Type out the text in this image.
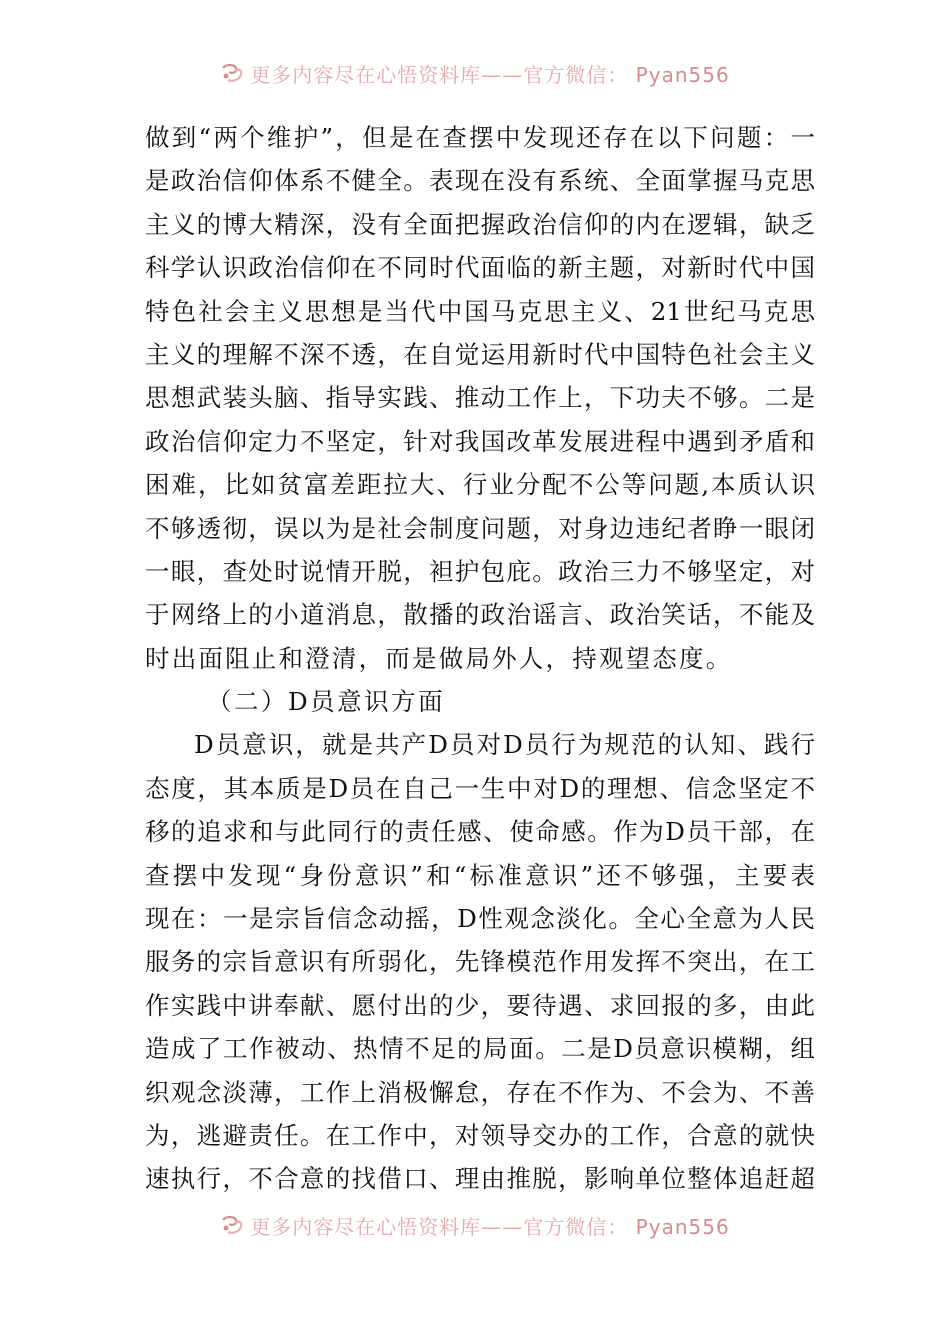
更多内容尽在心悟资料库——官方微信： Pyan556
做到“两个维护”，但是在查摆中发现还存在以下问题：一
是政治信仰体系不健全。表现在没有系统、全面掌握马克思
主义的博大精深，没有全面把握政治信仰的内在逻辑，缺乏
科学认识政治信仰在不同时代面临的新主题，对新时代中国
特色社会主义思想是当代中国马克思主义、21世纪马克思
主义的理解不深不透，在自觉运用新时代中国特色社会主义
思想武装头脑、指导实践、推动工作上，下功夫不够。二是
政治信仰定力不坚定，针对我国改革发展进程中遇到矛盾和
困难，比如贫富差距拉大、行业分配不公等问题,本质认识
不够透彻，误以为是社会制度问题，对身边违纪者睁一眼闭
一眼，查处时说情开脱，袒护包庇。政治三力不够坚定，对
于网络上的小道消息，散播的政治谣言、政治笑话，不能及
时出面阻止和澄清，而是做局外人，持观望态度。
（二）D员意识方面
D员意识，就是共产D员对D员行为规范的认知、践行
态度，其本质是D员在自己一生中对D的理想、信念坚定不
移的追求和与此同行的责任感、使命感。作为D员干部，在
查摆中发现“身份意识”和“标准意识”还不够强，主要表
现在：一是宗旨信念动摇，D性观念淡化。全心全意为人民
服务的宗旨意识有所弱化，先锋模范作用发挥不突出，在工
作实践中讲奉献、愿付出的少，要待遇、求回报的多，由此
造成了工作被动、热情不足的局面。二是D员意识模糊，组
织观念淡薄，工作上消极懈怠，存在不作为、不会为、不善
为，逃避责任。在工作中，对领导交办的工作，合意的就快
速执行，不合意的找借口、理由推脱，影响单位整体追赶超
更多内容尽在心悟资料库——官方微信： Pyan556
